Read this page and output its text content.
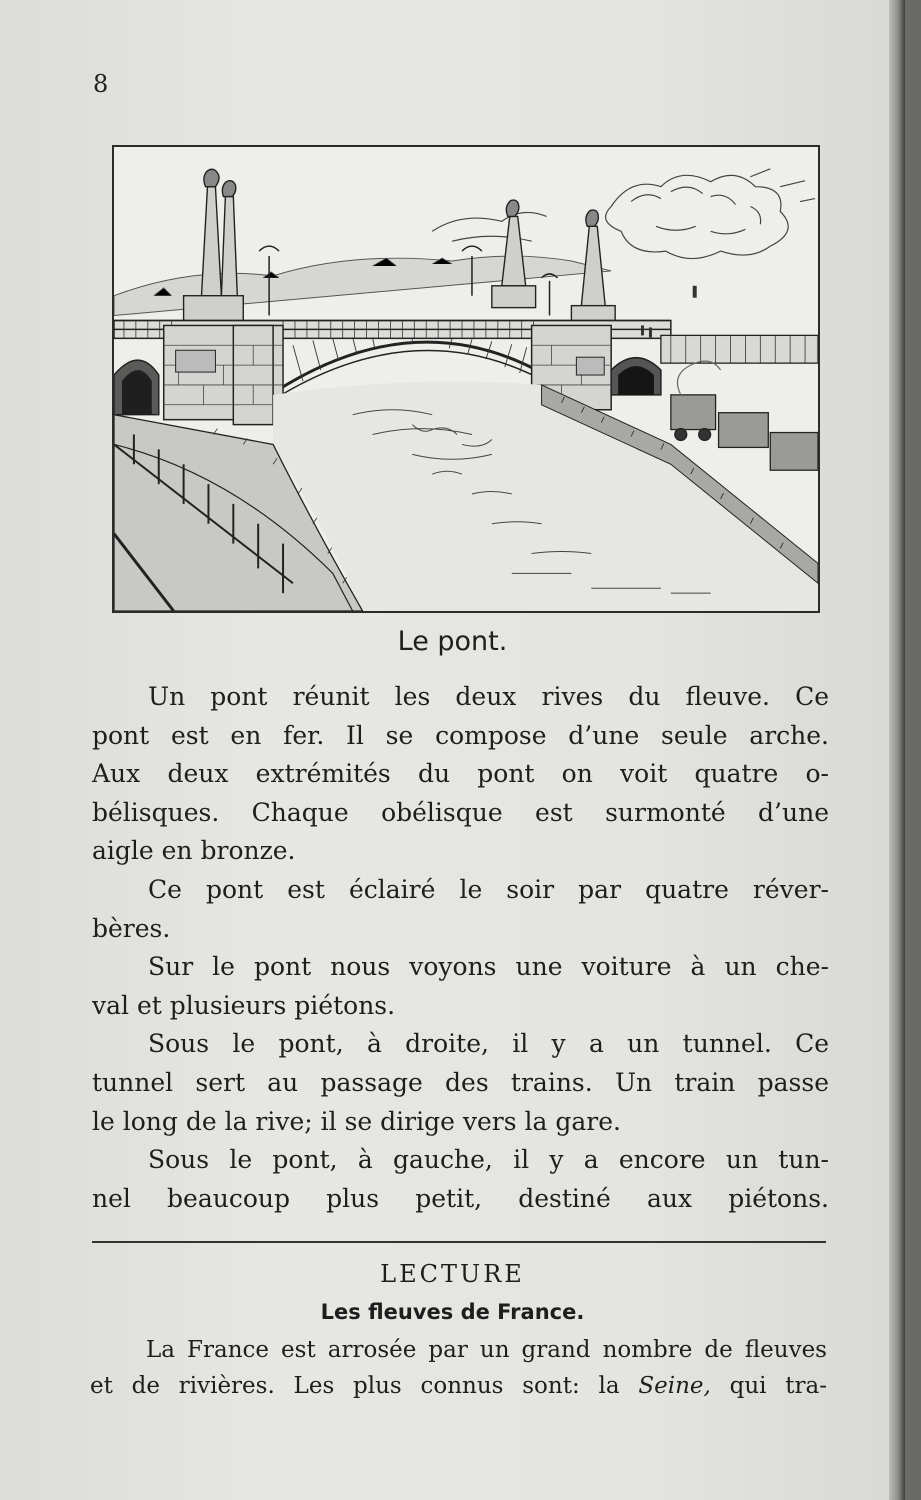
8
Le pont.
Un pont réunit les deux rives du fleuve. Ce
pont est en fer. Il se compose d’une seule arche.
Aux deux extrémités du pont on voit quatre o-
bélisques. Chaque obélisque est surmonté d’une
aigle en bronze.
Ce pont est éclairé le soir par quatre réver-
bères.
Sur le pont nous voyons une voiture à un che-
val et plusieurs piétons.
Sous le pont, à droite, il y a un tunnel. Ce
tunnel sert au passage des trains. Un train passe
le long de la rive; il se dirige vers la gare.
Sous le pont, à gauche, il y a encore un tun-
nel beaucoup plus petit, destiné aux piétons.
LECTURE
Les fleuves de France.
La France est arrosée par un grand nombre de fleuves
et de rivières. Les plus connus sont: la Seine, qui tra-
